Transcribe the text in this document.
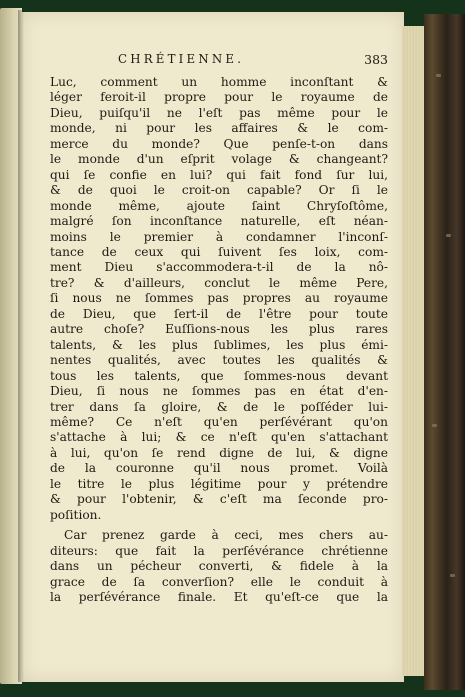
CHRÉTIENNE.	383
Luc, comment un homme inconſtant &
léger feroit-il propre pour le royaume de
Dieu, puiſqu'il ne l'eſt pas même pour le
monde, ni pour les affaires & le com-
merce du monde? Que penſe-t-on dans
le monde d'un eſprit volage & changeant?
qui ſe confie en lui? qui fait fond ſur lui,
& de quoi le croit-on capable? Or ſi le
monde même, ajoute ſaint Chryſoſtôme,
malgré ſon inconſtance naturelle, eſt néan-
moins le premier à condamner l'inconſ-
tance de ceux qui ſuivent ſes loix, com-
ment Dieu s'accommodera-t-il de la nô-
tre? & d'ailleurs, conclut le même Pere,
ſi nous ne ſommes pas propres au royaume
de Dieu, que ſert-il de l'être pour toute
autre choſe? Euſſions-nous les plus rares
talents, & les plus ſublimes, les plus émi-
nentes qualités, avec toutes les qualités &
tous les talents, que ſommes-nous devant
Dieu, ſi nous ne ſommes pas en état d'en-
trer dans ſa gloire, & de le poſſéder lui-
même? Ce n'eſt qu'en perſévérant qu'on
s'attache à lui; & ce n'eſt qu'en s'attachant
à lui, qu'on ſe rend digne de lui, & digne
de la couronne qu'il nous promet. Voilà
le titre le plus légitime pour y prétendre
& pour l'obtenir, & c'eſt ma ſeconde pro-
poſition.
Car prenez garde à ceci, mes chers au-
diteurs: que fait la perſévérance chrétienne
dans un pécheur converti, & fidele à la
grace de ſa converſion? elle le conduit à
la perſévérance finale. Et qu'eſt-ce que la
